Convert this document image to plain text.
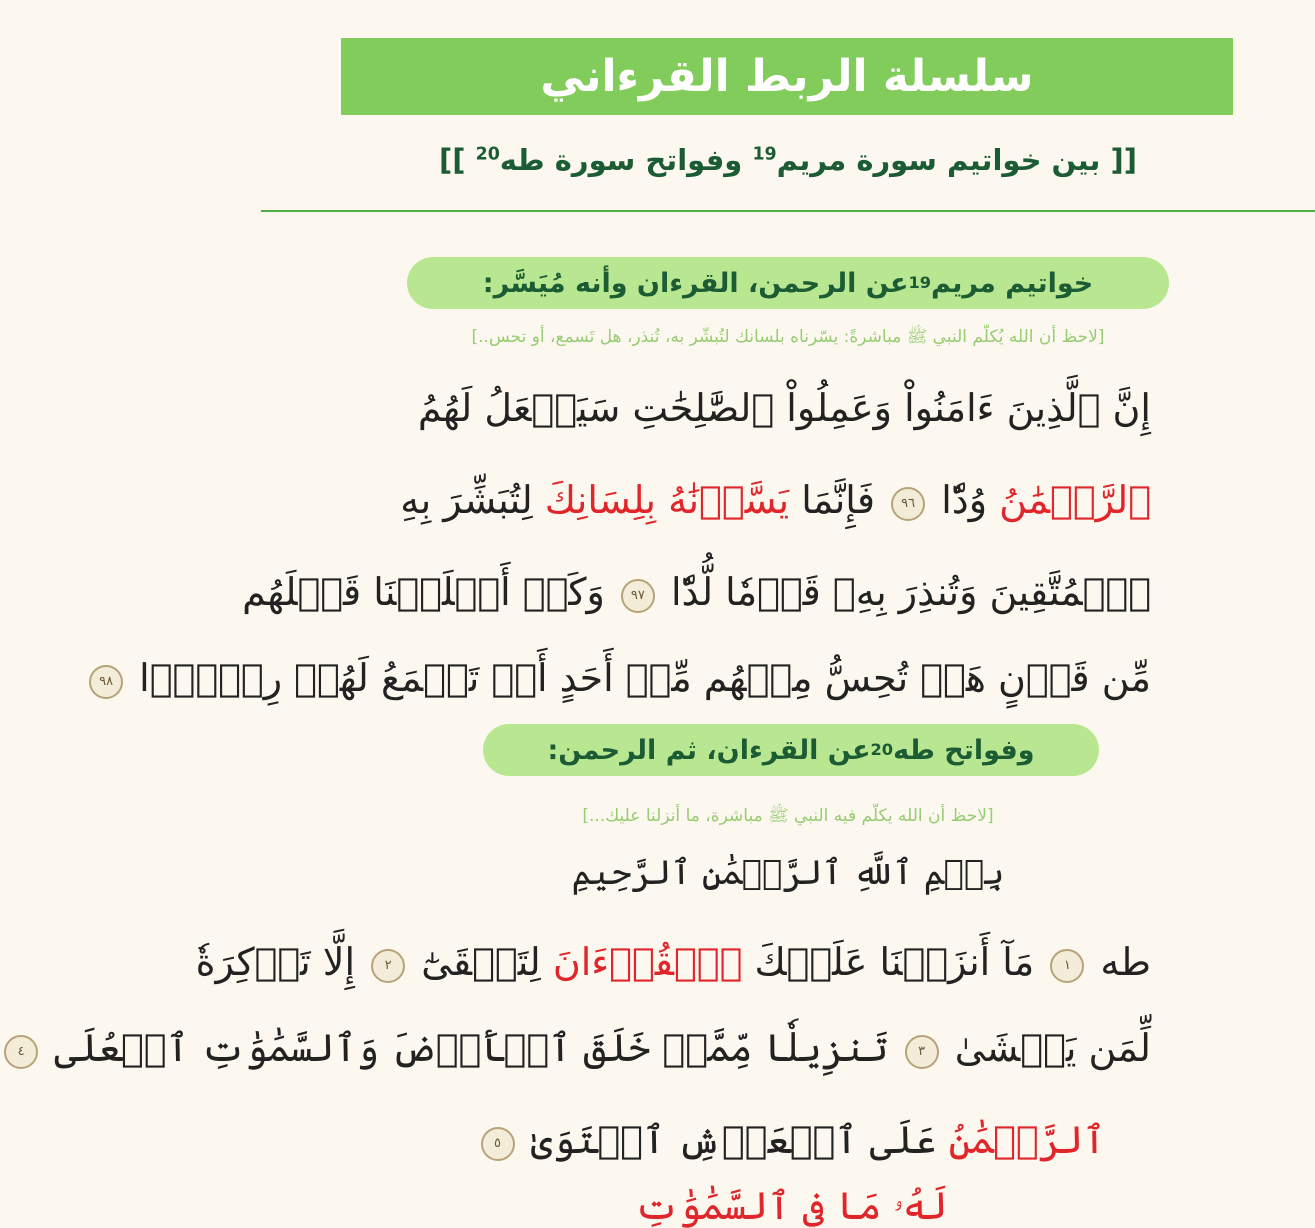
سلسلة الربط القرءاني
[[ بين خواتيم سورة مريم$^{19}$ وفواتح سورة طه$^{20}$ ]]
خواتيم مريم
19
عن الرحمن، القرءان وأنه مُيَسَّر:
[لاحظ أن الله يُكلّم النبي ﷺ مباشرةً: يسّرناه بلسانك لتُبشّر به، تُنذر، هل تَسمع، أو تحس..]
إِنَّ ٱلَّذِينَ ءَامَنُواْ وَعَمِلُواْ ٱلصَّٰلِحَٰتِ سَيَجۡعَلُ لَهُمُ
ٱلرَّحۡمَٰنُ وُدّٗا ٩٦ فَإِنَّمَا يَسَّرۡنَٰهُ بِلِسَانِكَ لِتُبَشِّرَ بِهِ
ٱلۡمُتَّقِينَ وَتُنذِرَ بِهِۦ قَوۡمٗا لُّدّٗا ٩٧ وَكَمۡ أَهۡلَكۡنَا قَبۡلَهُم
مِّن قَرۡنٍ هَلۡ تُحِسُّ مِنۡهُم مِّنۡ أَحَدٍ أَوۡ تَسۡمَعُ لَهُمۡ رِكۡزَۢا ٩٨
وفواتح طه
20
عن القرءان، ثم الرحمن:
[لاحظ أن الله يكلّم فيه النبي ﷺ مباشرة، ما أنزلنا عليك...]
بِسۡمِ ٱللَّهِ ٱلرَّحۡمَٰنِ ٱلرَّحِيمِ
طه ١ مَآ أَنزَلۡنَا عَلَيۡكَ ٱلۡقُرۡءَانَ لِتَشۡقَىٰٓ ٢ إِلَّا تَذۡكِرَةٗ
لِّمَن يَخۡشَىٰ ٣ تَنزِيلٗا مِّمَّنۡ خَلَقَ ٱلۡأَرۡضَ وَٱلسَّمَٰوَٰتِ ٱلۡعُلَى ٤
ٱلرَّحۡمَٰنُ عَلَى ٱلۡعَرۡشِ ٱسۡتَوَىٰ ٥
لَهُۥ مَا فِي ٱلسَّمَٰوَٰتِ
